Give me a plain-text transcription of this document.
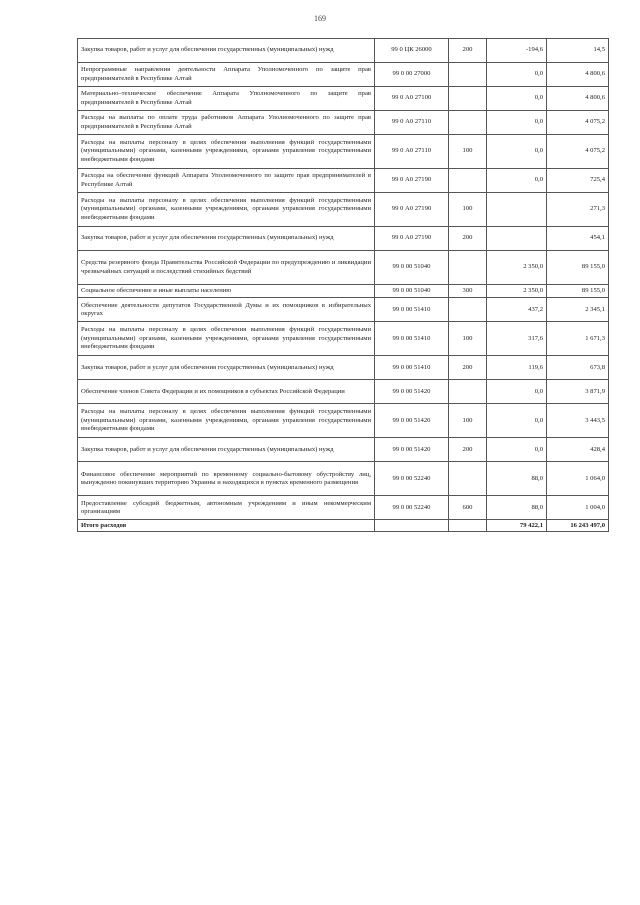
169
Закупка товаров, работ и услуг для обеспечения государственных (муниципальных) нужд	99 0 ЦК 26000	200	-194,6	14,5
Непрограммные направления деятельности Аппарата Уполномоченного по защите прав предпринимателей в Республике Алтай	99 0 00 27000		0,0	4 800,6
Материально–техническое обеспечение Аппарата Уполномоченного по защите прав предпринимателей в Республике Алтай	99 0 А0 27100		0,0	4 800,6
Расходы на выплаты по оплате труда работников Аппарата Уполномоченного по защите прав предпринимателей в Республике Алтай	99 0 А0 27110		0,0	4 075,2
Расходы на выплаты персоналу в целях обеспечения выполнения функций государственными (муниципальными) органами, казенными учреждениями, органами управления государственными внебюджетными фондами	99 0 А0 27110	100	0,0	4 075,2
Расходы на обеспечение функций Аппарата Уполномоченного по защите прав предпринимателей в Республике Алтай	99 0 А0 27190		0,0	725,4
Расходы на выплаты персоналу в целях обеспечения выполнения функций государственными (муниципальными) органами, казенными учреждениями, органами управления государственными внебюджетными фондами	99 0 А0 27190	100		271,3
Закупка товаров, работ и услуг для обеспечения государственных (муниципальных) нужд	99 0 А0 27190	200		454,1
Средства резервного фонда Правительства Российской Федерации по предупреждению и ликвидации чрезвычайных ситуаций и последствий стихийных бедствий	99 0 00 51040		2 350,0	89 155,0
Социальное обеспечение и иные выплаты населению	99 0 00 51040	300	2 350,0	89 155,0
Обеспечение деятельности депутатов Государственной Думы и их помощников в избирательных округах	99 0 00 51410		437,2	2 345,1
Расходы на выплаты персоналу в целях обеспечения выполнения функций государственными (муниципальными) органами, казенными учреждениями, органами управления государственными внебюджетными фондами	99 0 00 51410	100	317,6	1 671,3
Закупка товаров, работ и услуг для обеспечения государственных (муниципальных) нужд	99 0 00 51410	200	119,6	673,8
Обеспечение членов Совета Федерации и их помощников в субъектах Российской Федерации	99 0 00 51420		0,0	3 871,9
Расходы на выплаты персоналу в целях обеспечения выполнения функций государственными (муниципальными) органами, казенными учреждениями, органами управления государственными внебюджетными фондами	99 0 00 51420	100	0,0	3 443,5
Закупка товаров, работ и услуг для обеспечения государственных (муниципальных) нужд	99 0 00 51420	200	0,0	428,4
Финансовое обеспечение мероприятий по временному социально-бытовому обустройству лиц, вынужденно покинувших территорию Украины и находящихся в пунктах временного размещения	99 0 00 52240		88,0	1 064,0
Предоставление субсидий бюджетным, автономным учреждениям и иным некоммерческим организациям	99 0 00 52240	600	88,0	1 004,0
Итого расходов			79 422,1	16 243 497,0
